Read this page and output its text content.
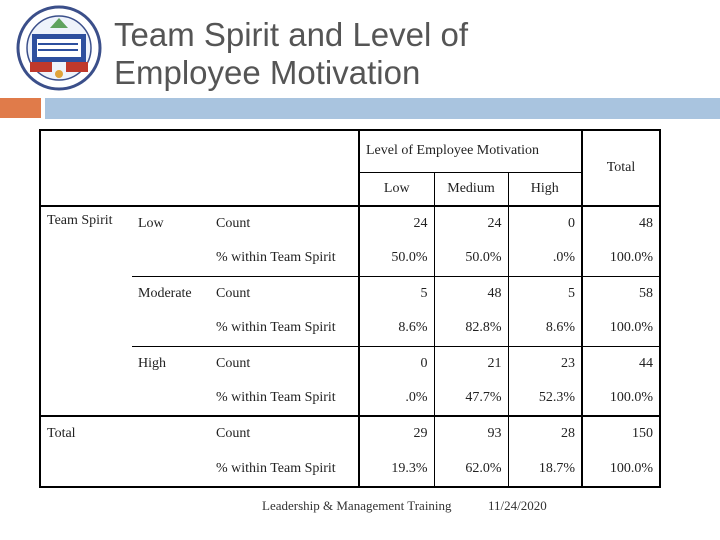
Team Spirit and Level of
Employee Motivation
			Level of Employee Motivation			Total
			Low	Medium	High	
Team Spirit	Low	Count	24	24	0	48
		% within Team Spirit	50.0%	50.0%	.0%	100.0%
	Moderate	Count	5	48	5	58
		% within Team Spirit	8.6%	82.8%	8.6%	100.0%
	High	Count	0	21	23	44
		% within Team Spirit	.0%	47.7%	52.3%	100.0%
Total		Count	29	93	28	150
		% within Team Spirit	19.3%	62.0%	18.7%	100.0%
Leadership & Management Training	11/24/2020
